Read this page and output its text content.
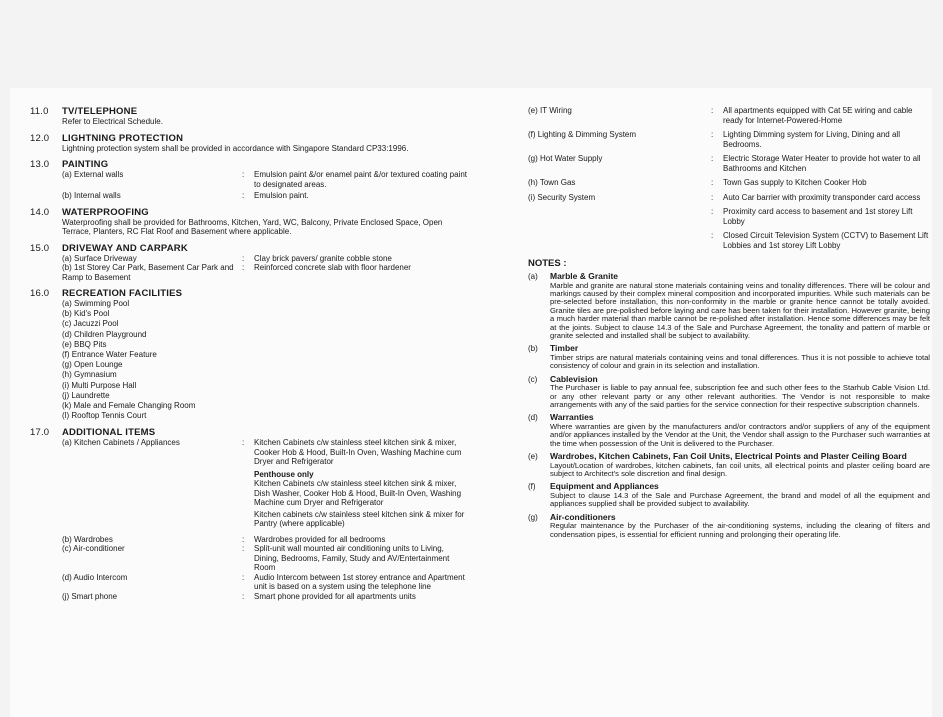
11.0	TV/TELEPHONE
Refer to Electrical Schedule.
12.0	LIGHTNING PROTECTION
Lightning protection system shall be provided in accordance with Singapore Standard CP33:1996.
13.0	PAINTING
(a) External walls	:	Emulsion paint &/or enamel paint &/or textured coating paint to designated areas.
(b) Internal walls	:	Emulsion paint.
14.0	WATERPROOFING
Waterproofing shall be provided for Bathrooms, Kitchen, Yard, WC, Balcony, Private Enclosed Space, Open Terrace, Planters, RC Flat Roof and Basement where applicable.
15.0	DRIVEWAY AND CARPARK
(a) Surface Driveway	:	Clay brick pavers/ granite cobble stone
(b) 1st Storey Car Park, Basement Car Park and Ramp to Basement
:	Reinforced concrete slab with floor hardener
16.0	RECREATION FACILITIES
(a) Swimming Pool
(b) Kid's Pool
(c) Jacuzzi Pool
(d) Children Playground
(e) BBQ Pits
(f) Entrance Water Feature
(g) Open Lounge
(h) Gymnasium
(i) Multi Purpose Hall
(j) Laundrette
(k) Male and Female Changing Room
(l) Rooftop Tennis Court
17.0	ADDITIONAL ITEMS
(a) Kitchen Cabinets / Appliances	:	Kitchen Cabinets c/w stainless steel kitchen sink & mixer, Cooker Hob & Hood, Built-In Oven, Washing Machine cum Dryer and Refrigerator
Penthouse only
Kitchen Cabinets c/w stainless steel kitchen sink & mixer, Dish Washer, Cooker Hob & Hood, Built-In Oven, Washing Machine cum Dryer and Refrigerator
Kitchen cabinets c/w stainless steel kitchen sink & mixer for Pantry (where applicable)
(b) Wardrobes	:	Wardrobes provided for all bedrooms
(c) Air-conditioner	:	Split-unit wall mounted air conditioning units to Living, Dining, Bedrooms, Family, Study and AV/Entertainment Room
(d) Audio Intercom	:	Audio Intercom between 1st storey entrance and Apartment unit is based on a system using the telephone line
(j) Smart phone	:	Smart phone provided for all apartments units
(e) IT Wiring	:	All apartments equipped with Cat 5E wiring and cable ready for Internet-Powered-Home
(f) Lighting & Dimming System	:	Lighting Dimming system for Living, Dining and all Bedrooms.
(g) Hot Water Supply	:	Electric Storage Water Heater to provide hot water to all Bathrooms and Kitchen
(h) Town Gas	:	Town Gas supply to Kitchen Cooker Hob
(i) Security System	:	Auto Car barrier with proximity transponder card access
:	Proximity card access to basement and 1st storey Lift Lobby
:	Closed Circuit Television System (CCTV) to Basement Lift Lobbies and 1st storey Lift Lobby
NOTES :
(a)	Marble & Granite
Marble and granite are natural stone materials containing veins and tonality differences. There will be colour and markings caused by their complex mineral composition and incorporated impurities. While such materials can be pre-selected before installation, this non-conformity in the marble or granite hence cannot be totally avoided. Granite tiles are pre-polished before laying and care has been taken for their installation. However granite, being a much harder material than marble cannot be re-polished after installation. Hence some differences may be felt at the joints. Subject to clause 14.3 of the Sale and Purchase Agreement, the tonality and pattern of marble or granite selected and installed shall be subject to availability.
(b)	Timber
Timber strips are natural materials containing veins and tonal differences. Thus it is not possible to achieve total consistency of colour and grain in its selection and installation.
(c)	Cablevision
The Purchaser is liable to pay annual fee, subscription fee and such other fees to the Starhub Cable Vision Ltd. or any other relevant party or any other relevant authorities. The Vendor is not responsible to make arrangements with any of the said parties for the service connection for their respective subscription channels.
(d)	Warranties
Where warranties are given by the manufacturers and/or contractors and/or suppliers of any of the equipment and/or appliances installed by the Vendor at the Unit, the Vendor shall assign to the Purchaser such warranties at the time when possession of the Unit is delivered to the Purchaser.
(e)	Wardrobes, Kitchen Cabinets, Fan Coil Units, Electrical Points and Plaster Ceiling Board
Layout/Location of wardrobes, kitchen cabinets, fan coil units, all electrical points and plaster ceiling board are subject to Architect's sole discretion and final design.
(f)	Equipment and Appliances
Subject to clause 14.3 of the Sale and Purchase Agreement, the brand and model of all the equipment and appliances supplied shall be provided subject to availability.
(g)	Air-conditioners
Regular maintenance by the Purchaser of the air-conditioning systems, including the clearing of filters and condensation pipes, is essential for efficient running and prolonging their operating life.
